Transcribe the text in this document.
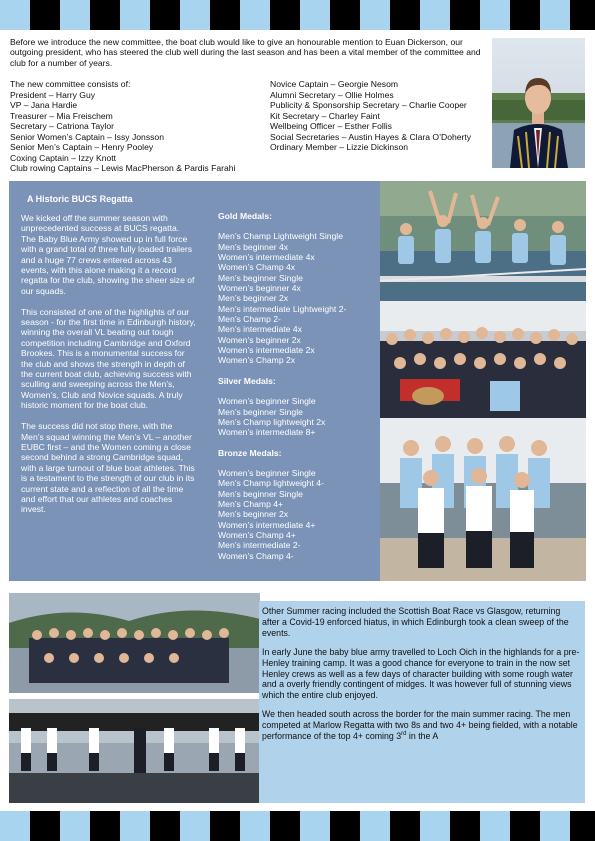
Before we introduce the new committee, the boat club would like to give an honourable mention to Euan Dickerson, our outgoing president, who has steered the club well during the last season and has been a vital member of the committee and club for a number of years.
The new committee consists of:
President – Harry Guy
VP – Jana Hardie
Treasurer – Mia Freischem
Secretary – Catriona Taylor
Senior Women’s Captain – Issy Jonsson
Senior Men’s Captain – Henry Pooley
Coxing Captain – Izzy Knott
Club rowing Captains – Lewis MacPherson & Pardis Farahi
Novice Captain – Georgie Nesom
Alumni Secretary – Ollie Holmes
Publicity & Sponsorship Secretary – Charlie Cooper
Kit Secretary – Charley Faint
Wellbeing Officer – Esther Follis
Social Secretaries – Austin Hayes & Clara O’Doherty
Ordinary Member – Lizzie Dickinson
A Historic BUCS Regatta

We kicked off the summer season with unprecedented success at BUCS regatta. The Baby Blue Army showed up in full force with a grand total of three fully loaded trailers and a huge 77 crews entered across 43 events, with this alone making it a record regatta for the club, showing the sheer size of our squads.

This consisted of one of the highlights of our season - for the first time in Edinburgh history, winning the overall VL beating out tough competition including Cambridge and Oxford Brookes. This is a monumental success for the club and shows the strength in depth of the current boat club, achieving success with sculling and sweeping across the Men’s, Women’s, Club and Novice squads. A truly historic moment for the boat club.

The success did not stop there, with the Men’s squad winning the Men’s VL – another EUBC first – and the Women coming a close second behind a strong Cambridge squad, with a large turnout of blue boat athletes. This is a testament to the strength of our club in its current state and a reflection of all the time and effort that our athletes and coaches invest.

Gold Medals:
Men’s Champ Lightweight Single
Men’s beginner 4x
Women’s intermediate 4x
Women’s Champ 4x
Men’s beginner Single
Women’s beginner 4x
Men’s beginner 2x
Men’s intermediate Lightweight 2-
Men’s Champ 2-
Men’s intermediate 4x
Women’s beginner 2x
Women’s intermediate 2x
Women’s Champ 2x
Silver Medals:
Women’s beginner Single
Men’s beginner Single
Men’s Champ lightweight 2x
Women’s intermediate 8+
Bronze Medals:
Women’s beginner Single
Men’s Champ lightweight 4-
Men’s beginner Single
Men’s Champ 4+
Men’s beginner 2x
Women’s intermediate 4+
Women’s Champ 4+
Men’s intermediate 2-
Women’s Champ 4-

Other Summer racing included the Scottish Boat Race vs Glasgow, returning after a Covid-19 enforced hiatus, in which Edinburgh took a clean sweep of the events.

In early June the baby blue army travelled to Loch Oich in the highlands for a pre-Henley training camp. It was a good chance for everyone to train in the now set Henley crews as well as a few days of character building with some rough water and a overly friendly contingent of midges. It was however full of stunning views which the entire club enjoyed.

We then headed south across the border for the main summer racing. The men competed at Marlow Regatta with two 8s and two 4+ being fielded, with a notable performance of the top 4+ coming 3rd in the A
